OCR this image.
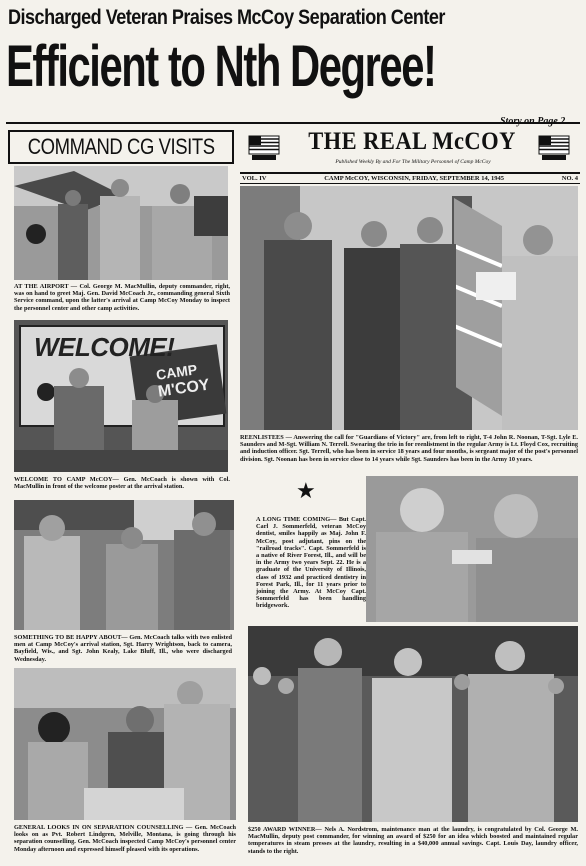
Discharged Veteran Praises McCoy Separation Center
Efficient to Nth Degree!
COMMAND CG VISITS
Story on Page 2
THE REAL McCOY
Published Weekly By and For The Military Personnel of Camp McCoy
VOL. IV	CAMP McCOY, WISCONSIN, FRIDAY, SEPTEMBER 14, 1945	NO. 4
AT THE AIRPORT — Col. George M. MacMullin, deputy commander, right, was on hand to greet Maj. Gen. David McCoach Jr., commanding general Sixth Service command, upon the latter's arrival at Camp McCoy Monday to inspect the personnel center and other camp activities.
WELCOME!
CAMP
M'COY
WELCOME TO CAMP McCOY— Gen. McCoach is shown with Col. MacMullin in front of the welcome poster at the arrival station.
SOMETHING TO BE HAPPY ABOUT— Gen. McCoach talks with two enlisted men at Camp McCoy's arrival station, Sgt. Harry Wrightson, back to camera, Bayfield, Wis., and Sgt. John Kealy, Lake Bluff, Ill., who were discharged Wednesday.
GENERAL LOOKS IN ON SEPARATION COUNSELLING — Gen. McCoach looks on as Pvt. Robert Lindgren, Melville, Montana, is going through his separation counselling. Gen. McCoach inspected Camp McCoy's personnel center Monday afternoon and expressed himself pleased with its operations.
REENLISTEES — Answering the call for "Guardians of Victory" are, from left to right, T-4 John R. Noonan, T-Sgt. Lyle E. Saunders and M-Sgt. William N. Terrell. Swearing the trio in for reenlistment in the regular Army is Lt. Floyd Cox, recruiting and induction officer. Sgt. Terrell, who has been in service 18 years and four months, is sergeant major of the post's personnel division. Sgt. Noonan has been in service close to 14 years while Sgt. Saunders has been in the Army 10 years.
★
A LONG TIME COMING— But Capt. Carl J. Sommerfeld, veteran McCoy dentist, smiles happily as Maj. John F. McCoy, post adjutant, pins on the "railroad tracks". Capt. Sommerfeld is a native of River Forest, Ill., and will be in the Army two years Sept. 22. He is a graduate of the University of Illinois, class of 1932 and practiced dentistry in Forest Park, Ill., for 11 years prior to joining the Army. At McCoy Capt. Sommerfeld has been handling bridgework.
$250 AWARD WINNER— Nels A. Nordstrom, maintenance man at the laundry, is congratulated by Col. George M. MacMullin, deputy post commander, for winning an award of $250 for an idea which boosted and maintained regular temperatures in steam presses at the laundry, resulting in a $40,000 annual savings. Capt. Louis Day, laundry officer, stands to the right.
